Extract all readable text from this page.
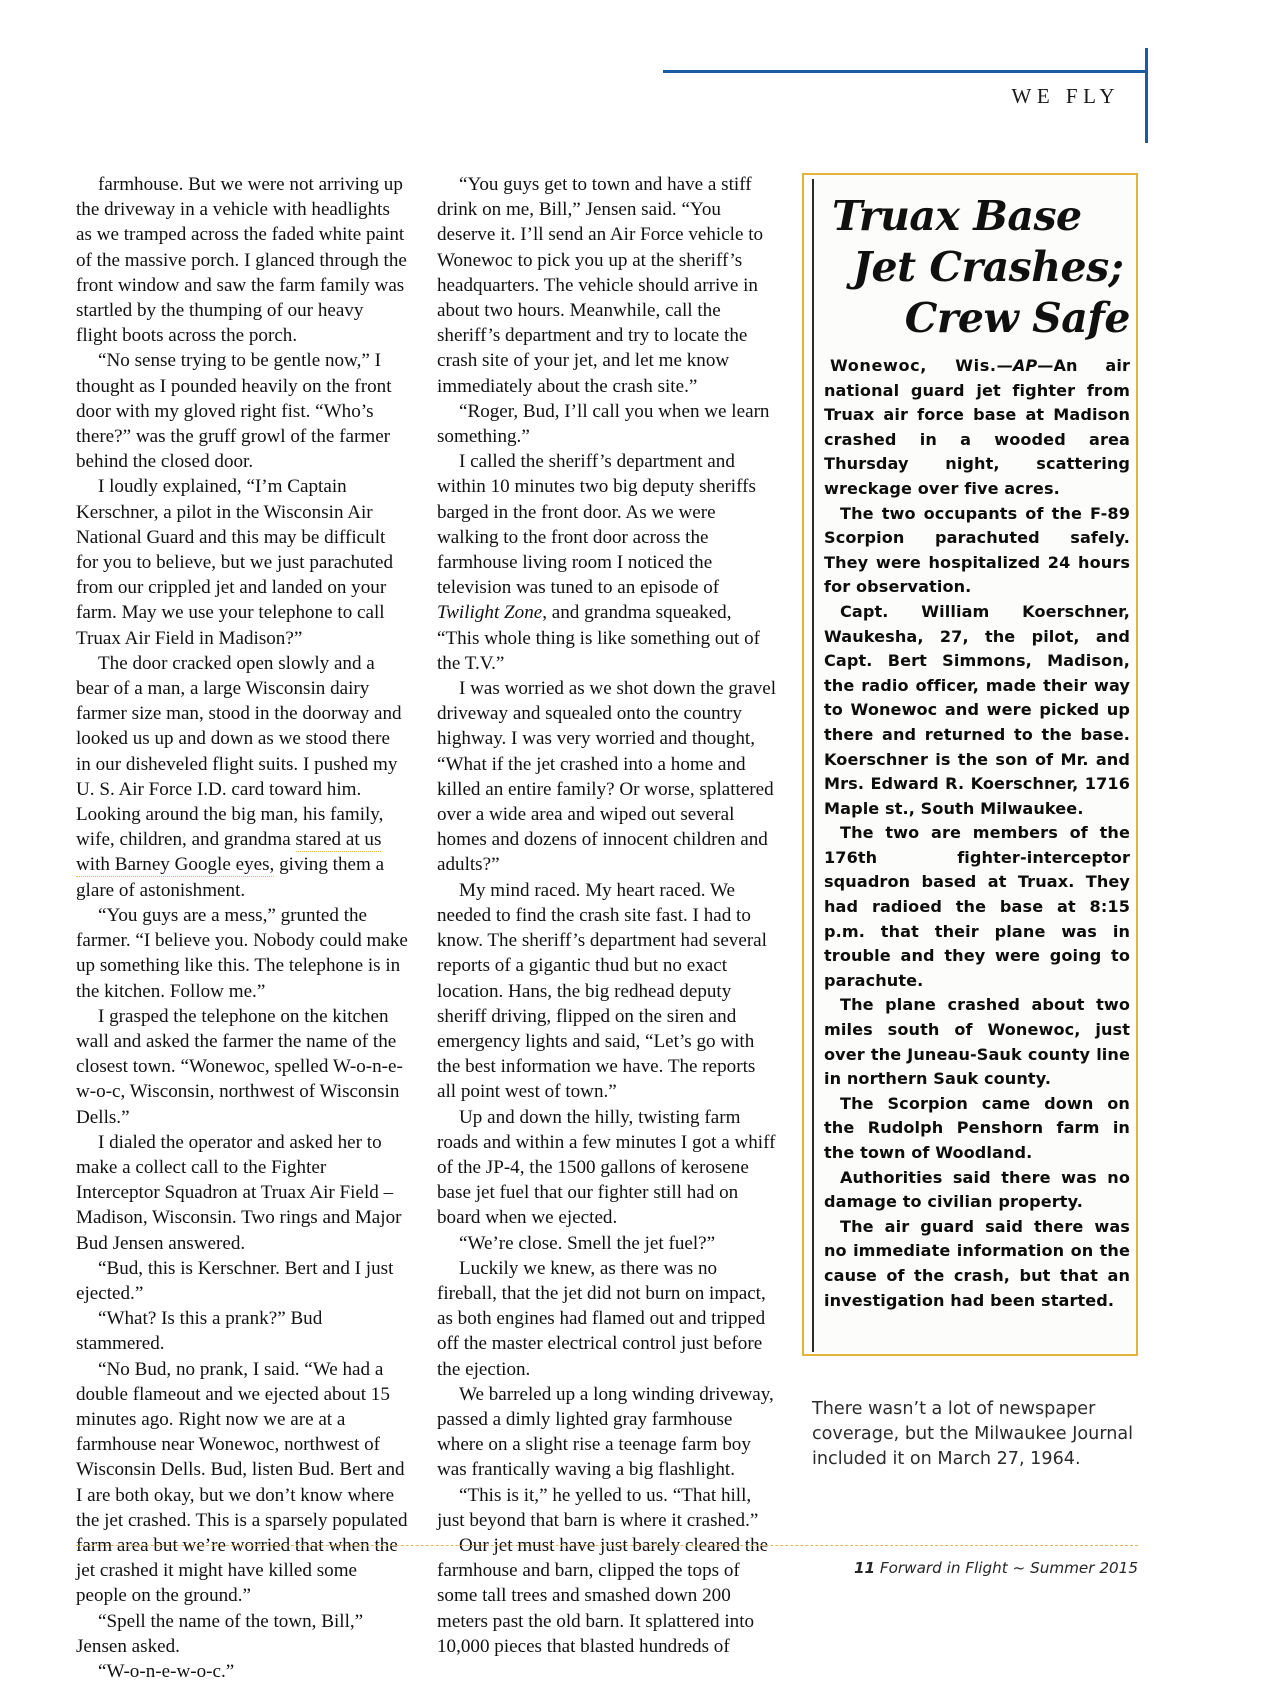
WE FLY

farmhouse. But we were not arriving up the driveway in a vehicle with headlights as we tramped across the faded white paint of the massive porch. I glanced through the front window and saw the farm family was startled by the thumping of our heavy flight boots across the porch.

“No sense trying to be gentle now,” I thought as I pounded heavily on the front door with my gloved right fist. “Who’s there?” was the gruff growl of the farmer behind the closed door.

I loudly explained, “I’m Captain Kerschner, a pilot in the Wisconsin Air National Guard and this may be difficult for you to believe, but we just parachuted from our crippled jet and landed on your farm. May we use your telephone to call Truax Air Field in Madison?”

The door cracked open slowly and a bear of a man, a large Wisconsin dairy farmer size man, stood in the doorway and looked us up and down as we stood there in our disheveled flight suits. I pushed my U. S. Air Force I.D. card toward him. Looking around the big man, his family, wife, children, and grandma stared at us with Barney Google eyes, giving them a glare of astonishment.

“You guys are a mess,” grunted the farmer. “I believe you. Nobody could make up something like this. The telephone is in the kitchen. Follow me.”

I grasped the telephone on the kitchen wall and asked the farmer the name of the closest town. “Wonewoc, spelled W-o-n-e-w-o-c, Wisconsin, northwest of Wisconsin Dells.”

I dialed the operator and asked her to make a collect call to the Fighter Interceptor Squadron at Truax Air Field – Madison, Wisconsin. Two rings and Major Bud Jensen answered.

“Bud, this is Kerschner. Bert and I just ejected.”

“What? Is this a prank?” Bud stammered.

“No Bud, no prank, I said. “We had a double flameout and we ejected about 15 minutes ago. Right now we are at a farmhouse near Wonewoc, northwest of Wisconsin Dells. Bud, listen Bud. Bert and I are both okay, but we don’t know where the jet crashed. This is a sparsely populated farm area but we’re worried that when the jet crashed it might have killed some people on the ground.”

“Spell the name of the town, Bill,” Jensen asked.

“W-o-n-e-w-o-c.”

“You guys get to town and have a stiff drink on me, Bill,” Jensen said. “You deserve it. I’ll send an Air Force vehicle to Wonewoc to pick you up at the sheriff’s headquarters. The vehicle should arrive in about two hours. Meanwhile, call the sheriff’s department and try to locate the crash site of your jet, and let me know immediately about the crash site.”

“Roger, Bud, I’ll call you when we learn something.”

I called the sheriff’s department and within 10 minutes two big deputy sheriffs barged in the front door. As we were walking to the front door across the farmhouse living room I noticed the television was tuned to an episode of Twilight Zone, and grandma squeaked, “This whole thing is like something out of the T.V.”

I was worried as we shot down the gravel driveway and squealed onto the country highway. I was very worried and thought, “What if the jet crashed into a home and killed an entire family? Or worse, splattered over a wide area and wiped out several homes and dozens of innocent children and adults?”

My mind raced. My heart raced. We needed to find the crash site fast. I had to know. The sheriff’s department had several reports of a gigantic thud but no exact location. Hans, the big redhead deputy sheriff driving, flipped on the siren and emergency lights and said, “Let’s go with the best information we have. The reports all point west of town.”

Up and down the hilly, twisting farm roads and within a few minutes I got a whiff of the JP-4, the 1500 gallons of kerosene base jet fuel that our fighter still had on board when we ejected.

“We’re close. Smell the jet fuel?”

Luckily we knew, as there was no fireball, that the jet did not burn on impact, as both engines had flamed out and tripped off the master electrical control just before the ejection.

We barreled up a long winding driveway, passed a dimly lighted gray farmhouse where on a slight rise a teenage farm boy was frantically waving a big flashlight.

“This is it,” he yelled to us. “That hill, just beyond that barn is where it crashed.”

Our jet must have just barely cleared the farmhouse and barn, clipped the tops of some tall trees and smashed down 200 meters past the old barn. It splattered into 10,000 pieces that blasted hundreds of

Truax Base
Jet Crashes;
Crew Safe

Wonewoc, Wis.—AP—An air national guard jet fighter from Truax air force base at Madison crashed in a wooded area Thursday night, scattering wreckage over five acres.

The two occupants of the F-89 Scorpion parachuted safely. They were hospitalized 24 hours for observation.

Capt. William Koerschner, Waukesha, 27, the pilot, and Capt. Bert Simmons, Madison, the radio officer, made their way to Wonewoc and were picked up there and returned to the base. Koerschner is the son of Mr. and Mrs. Edward R. Koerschner, 1716 Maple st., South Milwaukee.

The two are members of the 176th fighter-interceptor squadron based at Truax. They had radioed the base at 8:15 p.m. that their plane was in trouble and they were going to parachute.

The plane crashed about two miles south of Wonewoc, just over the Juneau-Sauk county line in northern Sauk county.

The Scorpion came down on the Rudolph Penshorn farm in the town of Woodland.

Authorities said there was no damage to civilian property.

The air guard said there was no immediate information on the cause of the crash, but that an investigation had been started.

There wasn’t a lot of newspaper coverage, but the Milwaukee Journal included it on March 27, 1964.
11 Forward in Flight ~ Summer 2015
